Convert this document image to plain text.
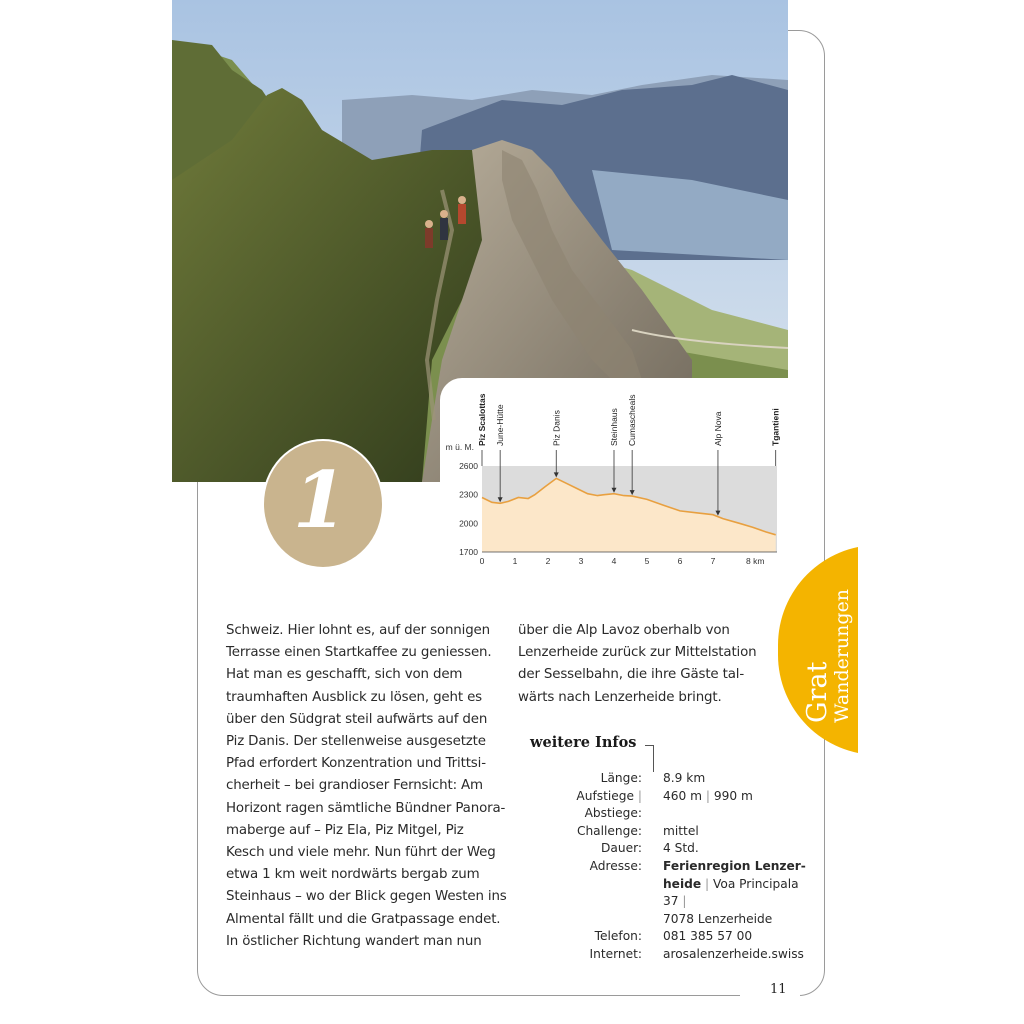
1
m ü. M.
2600
2300
2000
1700
0	1	2	3	4	5	6	7	8 km
Piz Scalottas June-Hütte	Piz Danis	Steinhaus Cumascheals	Alp Nova	Tgantieni

Schweiz. Hier lohnt es, auf der sonnigen
Terrasse einen Startkaffee zu geniessen.
Hat man es geschafft, sich von dem
traumhaften Ausblick zu lösen, geht es
über den Südgrat steil aufwärts auf den
Piz Danis. Der stellenweise ausgesetzte
Pfad erfordert Konzentration und Trittsi-
cherheit – bei grandioser Fernsicht: Am
Horizont ragen sämtliche Bündner Panora-
maberge auf – Piz Ela, Piz Mitgel, Piz
Kesch und viele mehr. Nun führt der Weg
etwa 1 km weit nordwärts bergab zum
Steinhaus – wo der Blick gegen Westen ins
Almental fällt und die Gratpassage endet.
In östlicher Richtung wandert man nun

über die Alp Lavoz oberhalb von
Lenzerheide zurück zur Mittelstation
der Sesselbahn, die ihre Gäste tal-
wärts nach Lenzerheide bringt.

weitere Infos
Länge: 8.9 km
Aufstiege | Abstiege:
460 m | 990 m
Challenge: mittel
Dauer: 4 Std.
Adresse: Ferienregion Lenzer-
heide | Voa Principala 37 |
7078 Lenzerheide
Telefon: 081 385 57 00
Internet: arosalenzerheide.swiss
Grat
Wanderungen
11
